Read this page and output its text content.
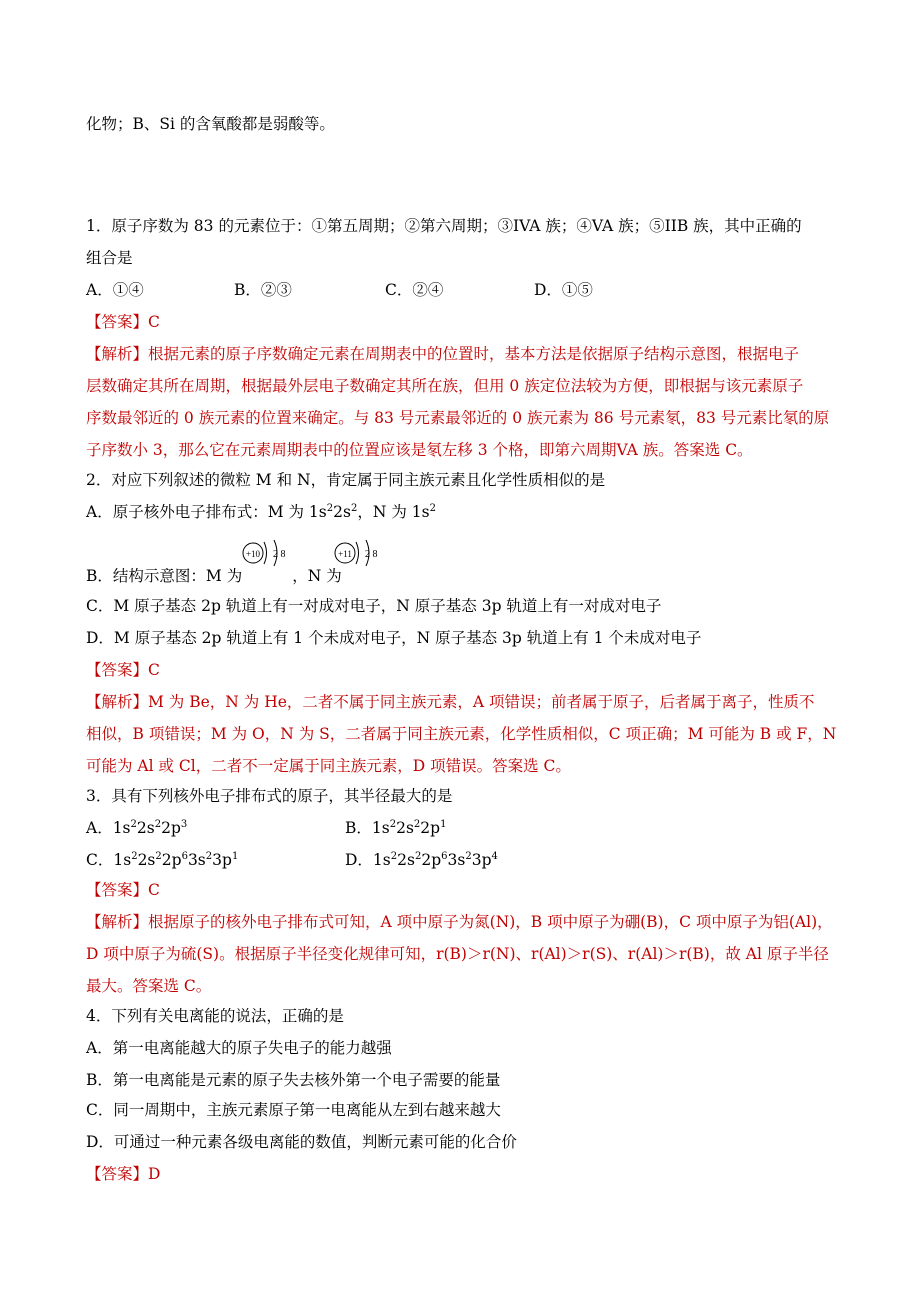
化物；B、Si 的含氧酸都是弱酸等。
1．原子序数为 83 的元素位于：①第五周期；②第六周期；③IVA 族；④VA 族；⑤IIB 族，其中正确的
组合是
A．①④	B．②③	C．②④	D．①⑤
【答案】C
【解析】根据元素的原子序数确定元素在周期表中的位置时，基本方法是依据原子结构示意图，根据电子
层数确定其所在周期，根据最外层电子数确定其所在族，但用 0 族定位法较为方便，即根据与该元素原子
序数最邻近的 0 族元素的位置来确定。与 83 号元素最邻近的 0 族元素为 86 号元素氡，83 号元素比氡的原
子序数小 3，那么它在元素周期表中的位置应该是氡左移 3 个格，即第六周期VA 族。答案选 C。
2．对应下列叙述的微粒 M 和 N，肯定属于同主族元素且化学性质相似的是
A．原子核外电子排布式：M 为 $1s^22s^2$，N 为 $1s^2$
B．结构示意图：M 为	，N 为
+10 2 8	+11 2 8
C．M 原子基态 2p 轨道上有一对成对电子，N 原子基态 3p 轨道上有一对成对电子
D．M 原子基态 2p 轨道上有 1 个未成对电子，N 原子基态 3p 轨道上有 1 个未成对电子
【答案】C
【解析】M 为 Be，N 为 He，二者不属于同主族元素，A 项错误；前者属于原子，后者属于离子，性质不
相似，B 项错误；M 为 O，N 为 S，二者属于同主族元素，化学性质相似，C 项正确；M 可能为 B 或 F，N
可能为 Al 或 Cl，二者不一定属于同主族元素，D 项错误。答案选 C。
3．具有下列核外电子排布式的原子，其半径最大的是
A．$1s^22s^22p^3$	B．$1s^22s^22p^1$
C．$1s^22s^22p^63s^23p^1$	D．$1s^22s^22p^63s^23p^4$
【答案】C
【解析】根据原子的核外电子排布式可知，A 项中原子为氮(N)，B 项中原子为硼(B)，C 项中原子为铝(Al)，
D 项中原子为硫(S)。根据原子半径变化规律可知，r(B)＞r(N)、r(Al)＞r(S)、r(Al)＞r(B)，故 Al 原子半径
最大。答案选 C。
4．下列有关电离能的说法，正确的是
A．第一电离能越大的原子失电子的能力越强
B．第一电离能是元素的原子失去核外第一个电子需要的能量
C．同一周期中，主族元素原子第一电离能从左到右越来越大
D．可通过一种元素各级电离能的数值，判断元素可能的化合价
【答案】D
